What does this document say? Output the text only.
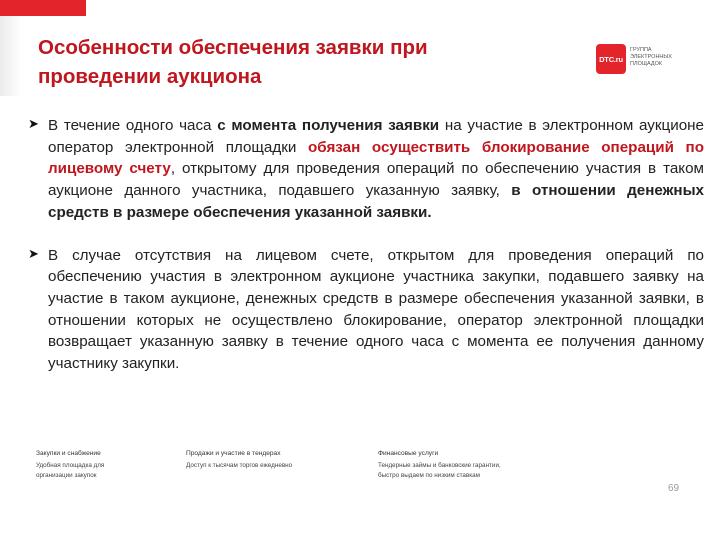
Особенности обеспечения заявки при
проведении аукциона
DTC.ru
ГРУППА
ЭЛЕКТРОННЫХ
ПЛОЩАДОК
➤ В течение одного часа с момента получения заявки на участие в электронном аукционе оператор электронной площадки обязан осуществить блокирование операций по лицевому счету, открытому для проведения операций по обеспечению участия в таком аукционе данного участника, подавшего указанную заявку, в отношении денежных средств в размере обеспечения указанной заявки.

➤ В случае отсутствия на лицевом счете, открытом для проведения операций по обеспечению участия в электронном аукционе участника закупки, подавшего заявку на участие в таком аукционе, денежных средств в размере обеспечения указанной заявки, в отношении которых не осуществлено блокирование, оператор электронной площадки возвращает указанную заявку в течение одного часа с момента ее получения данному участнику закупки.

Закупки и снабжение
Удобная площадка для
организации закупок
Продажи и участие в тендерах
Доступ к тысячам торгов ежедневно
Финансовые услуги
Тендерные займы и банковские гарантии,
быстро выдаем по низким ставкам
69
